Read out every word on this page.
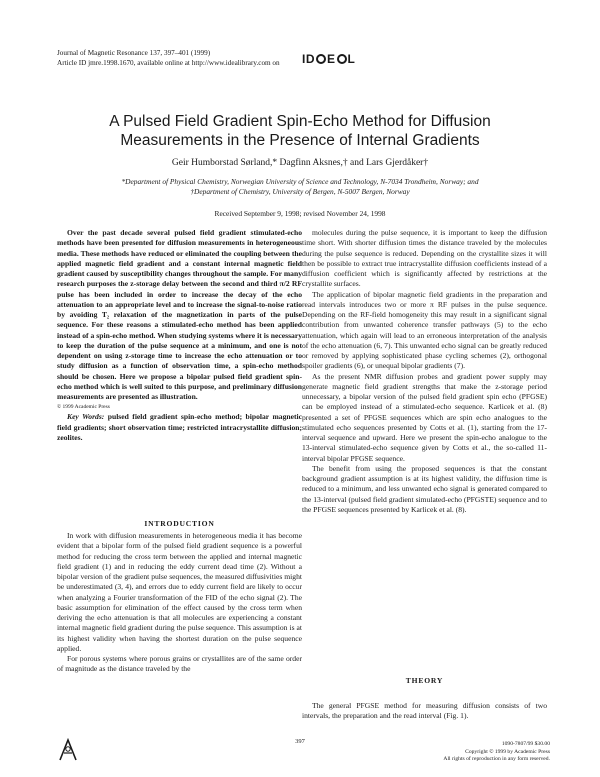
Journal of Magnetic Resonance 137, 397–401 (1999)
Article ID jmre.1998.1670, available online at http://www.idealibrary.com on	ID E L
A Pulsed Field Gradient Spin-Echo Method for Diffusion
Measurements in the Presence of Internal Gradients
Geir Humborstad Sørland,* Dagfinn Aksnes,† and Lars Gjerdåker†
*Department of Physical Chemistry, Norwegian University of Science and Technology, N-7034 Trondheim, Norway; and
†Department of Chemistry, University of Bergen, N-5007 Bergen, Norway
Received September 9, 1998; revised November 24, 1998

Over the past decade several pulsed field gradient stimulated-echo methods have been presented for diffusion measurements in heterogeneous media. These methods have reduced or eliminated the coupling between the applied magnetic field gradient and a constant internal magnetic field gradient caused by susceptibility changes throughout the sample. For many research purposes the z-storage delay between the second and third π/2 RF pulse has been included in order to increase the decay of the echo attenuation to an appropriate level and to increase the signal-to-noise ratio by avoiding T₂ relaxation of the magnetization in parts of the pulse sequence. For these reasons a stimulated-echo method has been applied instead of a spin-echo method. When studying systems where it is necessary to keep the duration of the pulse sequence at a minimum, and one is not dependent on using z-storage time to increase the echo attenuation or to study diffusion as a function of observation time, a spin-echo method should be chosen. Here we propose a bipolar pulsed field gradient spin-echo method which is well suited to this purpose, and preliminary diffusion measurements are presented as illustration.

© 1999 Academic Press

Key Words: pulsed field gradient spin-echo method; bipolar magnetic field gradients; short observation time; restricted intracrystallite diffusion; zeolites.

INTRODUCTION

In work with diffusion measurements in heterogeneous media it has become evident that a bipolar form of the pulsed field gradient sequence is a powerful method for reducing the cross term between the applied and internal magnetic field gradient (1) and in reducing the eddy current dead time (2). Without a bipolar version of the gradient pulse sequences, the measured diffusivities might be underestimated (3, 4), and errors due to eddy current field are likely to occur when analyzing a Fourier transformation of the FID of the echo signal (2). The basic assumption for elimination of the effect caused by the cross term when deriving the echo attenuation is that all molecules are experiencing a constant internal magnetic field gradient during the pulse sequence. This assumption is at its highest validity when having the shortest duration on the pulse sequence applied.

For porous systems where porous grains or crystallites are of the same order of magnitude as the distance traveled by the

molecules during the pulse sequence, it is important to keep the diffusion time short. With shorter diffusion times the distance traveled by the molecules during the pulse sequence is reduced. Depending on the crystallite sizes it will then be possible to extract true intracrystallite diffusion coefficients instead of a diffusion coefficient which is significantly affected by restrictions at the crystallite surfaces.

The application of bipolar magnetic field gradients in the preparation and read intervals introduces two or more π RF pulses in the pulse sequence. Depending on the RF-field homogeneity this may result in a significant signal contribution from unwanted coherence transfer pathways (5) to the echo attenuation, which again will lead to an erroneous interpretation of the analysis of the echo attenuation (6, 7). This unwanted echo signal can be greatly reduced or removed by applying sophisticated phase cycling schemes (2), orthogonal spoiler gradients (6), or unequal bipolar gradients (7).

As the present NMR diffusion probes and gradient power supply may generate magnetic field gradient strengths that make the z-storage period unnecessary, a bipolar version of the pulsed field gradient spin echo (PFGSE) can be employed instead of a stimulated-echo sequence. Karlicek et al. (8) presented a set of PFGSE sequences which are spin echo analogues to the stimulated echo sequences presented by Cotts et al. (1), starting from the 17-interval sequence and upward. Here we present the spin-echo analogue to the 13-interval stimulated-echo sequence given by Cotts et al., the so-called 11-interval bipolar PFGSE sequence.

The benefit from using the proposed sequences is that the constant background gradient assumption is at its highest validity, the diffusion time is reduced to a minimum, and less unwanted echo signal is generated compared to the 13-interval (pulsed field gradient simulated-echo (PFGSTE) sequence and to the PFGSE sequences presented by Karlicek et al. (8).

THEORY

The general PFGSE method for measuring diffusion consists of two intervals, the preparation and the read interval (Fig. 1).

397	1090-7807/99 $30.00
Copyright © 1999 by Academic Press
All rights of reproduction in any form reserved.
